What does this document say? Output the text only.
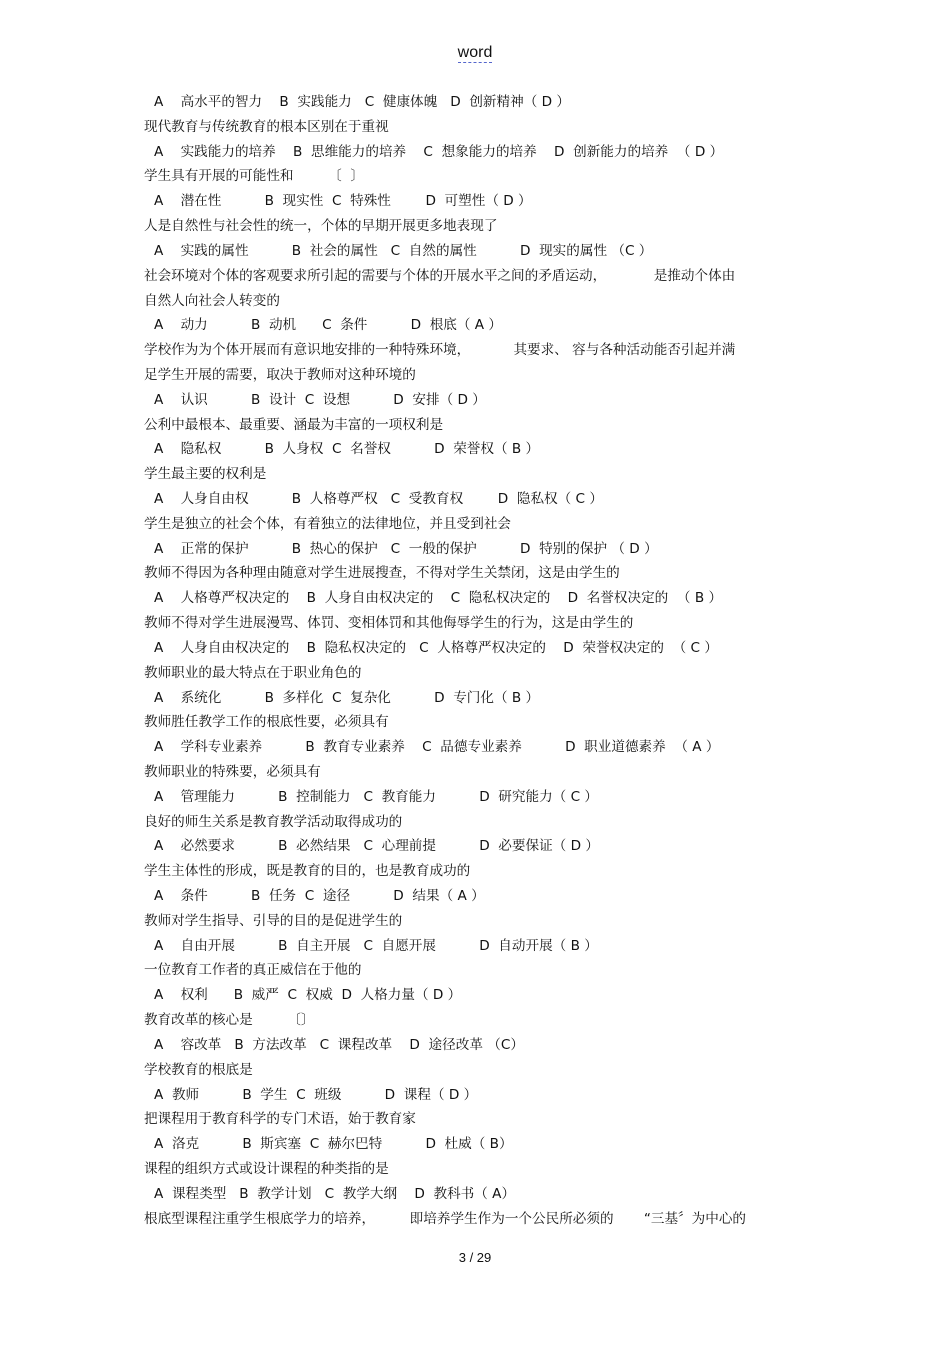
word
A    高水平的智力    B  实践能力   C  健康体魄   D  创新精神（ D ）
现代教育与传统教育的根本区别在于重视
A    实践能力的培养    B  思维能力的培养    C  想象能力的培养    D  创新能力的培养  （ D ）
学生具有开展的可能性和        〔  〕
A    潜在性          B  现实性  C  特殊性        D  可塑性（ D ）
人是自然性与社会性的统一，个体的早期开展更多地表现了
A    实践的属性          B  社会的属性   C  自然的属性          D  现实的属性 （C ）
社会环境对个体的客观要求所引起的需要与个体的开展水平之间的矛盾运动，           是推动个体由
自然人向社会人转变的
A    动力          B  动机      C  条件          D  根底（ A ）
学校作为为个体开展而有意识地安排的一种特殊环境，          其要求、 容与各种活动能否引起并满
足学生开展的需要，取决于教师对这种环境的
A    认识          B  设计  C  设想          D  安排（ D ）
公利中最根本、最重要、涵最为丰富的一项权利是
A    隐私权          B  人身权  C  名誉权          D  荣誉权（ B ）
学生最主要的权利是
A    人身自由权          B  人格尊严权   C  受教育权        D  隐私权（ C ）
学生是独立的社会个体，有着独立的法律地位，并且受到社会
A    正常的保护          B  热心的保护   C  一般的保护          D  特别的保护 （ D ）
教师不得因为各种理由随意对学生进展搜查，不得对学生关禁闭，这是由学生的
A    人格尊严权决定的    B  人身自由权决定的    C  隐私权决定的    D  名誉权决定的  （ B ）
教师不得对学生进展漫骂、体罚、变相体罚和其他侮辱学生的行为，这是由学生的
A    人身自由权决定的    B  隐私权决定的   C  人格尊严权决定的    D  荣誉权决定的  （ C ）
教师职业的最大特点在于职业角色的
A    系统化          B  多样化  C  复杂化          D  专门化（ B ）
教师胜任教学工作的根底性要，必须具有
A    学科专业素养          B  教育专业素养    C  品德专业素养          D  职业道德素养  （ A ）
教师职业的特殊要，必须具有
A    管理能力          B  控制能力   C  教育能力          D  研究能力（ C ）
良好的师生关系是教育教学活动取得成功的
A    必然要求          B  必然结果   C  心理前提          D  必要保证（ D ）
学生主体性的形成，既是教育的目的，也是教育成功的
A    条件          B  任务  C  途径          D  结果（ A ）
教师对学生指导、引导的目的是促进学生的
A    自由开展          B  自主开展   C  自愿开展          D  自动开展（ B ）
一位教育工作者的真正威信在于他的
A    权利      B  威严  C  权威  D  人格力量（ D ）
教育改革的核心是        〔〕
A    容改革   B  方法改革   C  课程改革    D  途径改革 （C）
学校教育的根底是
A  教师          B  学生  C  班级          D  课程（ D ）
把课程用于教育科学的专门术语，始于教育家
A  洛克          B  斯宾塞  C  赫尔巴特          D  杜威（ B）
课程的组织方式或设计课程的种类指的是
A  课程类型   B  教学计划   C  教学大纲    D  教科书（ A）
根底型课程注重学生根底学力的培养，        即培养学生作为一个公民所必须的       “三基〞为中心的
3 / 29
